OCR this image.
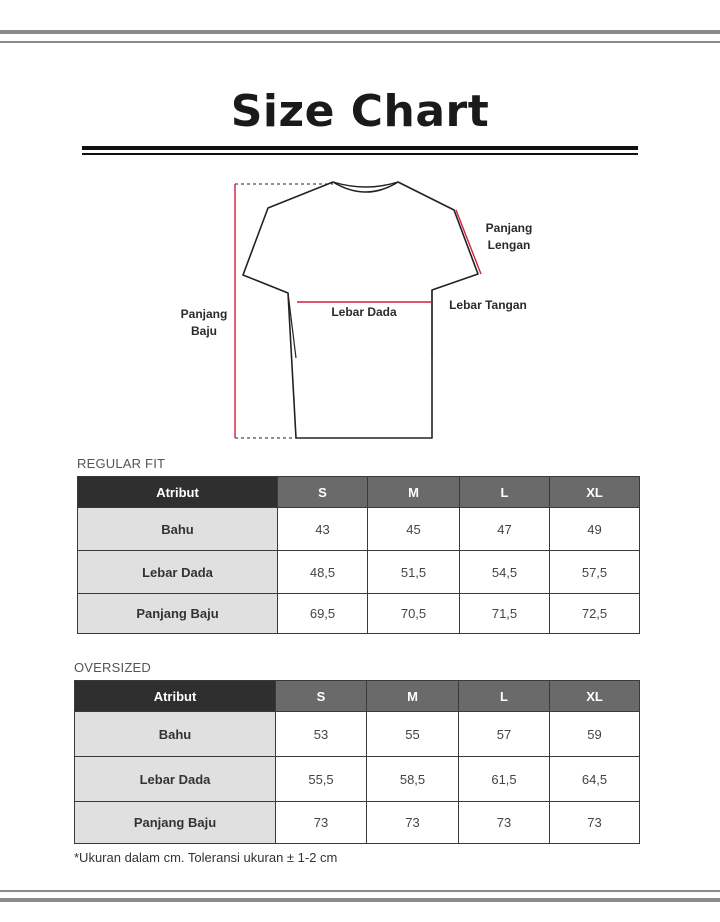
Size Chart
Panjang
Baju
Lebar Dada
Panjang
Lengan
Lebar Tangan
REGULAR FIT
Atribut	S	M	L	XL
Bahu	43	45	47	49
Lebar Dada	48,5	51,5	54,5	57,5
Panjang Baju	69,5	70,5	71,5	72,5
OVERSIZED
Atribut	S	M	L	XL
Bahu	53	55	57	59
Lebar Dada	55,5	58,5	61,5	64,5
Panjang Baju	73	73	73	73
*Ukuran dalam cm. Toleransi ukuran ± 1-2 cm
